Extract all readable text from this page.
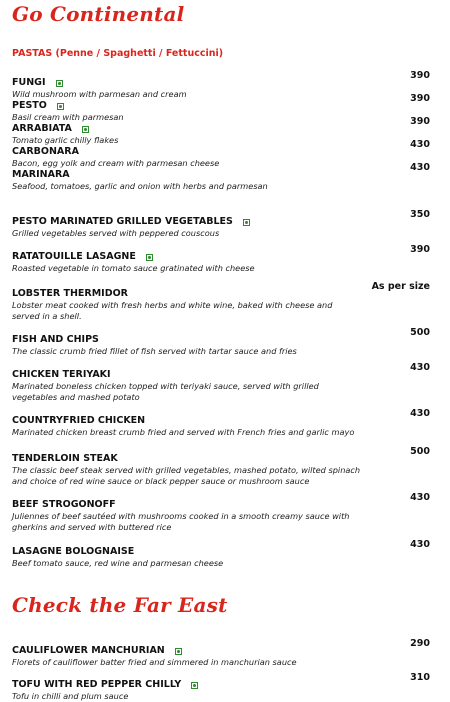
Go Continental
PASTAS (Penne / Spaghetti / Fettuccini)
FUNGI
390
Wild mushroom with parmesan and cream
PESTO
390
Basil cream with parmesan
ARRABIATA
390
Tomato garlic chilly flakes
CARBONARA
430
Bacon, egg yolk and cream with parmesan cheese
MARINARA
430
Seafood, tomatoes, garlic and onion with herbs and parmesan
PESTO MARINATED GRILLED VEGETABLES
350
Grilled vegetables served with peppered couscous
RATATOUILLE LASAGNE
390
Roasted vegetable in tomato sauce gratinated with cheese
LOBSTER THERMIDOR
As per size
Lobster meat cooked with fresh herbs and white wine, baked with cheese and served in a shell.
FISH AND CHIPS
500
The classic crumb fried fillet of fish served with tartar sauce and fries
CHICKEN TERIYAKI
430
Marinated boneless chicken topped with teriyaki sauce, served with grilled vegetables and mashed potato
COUNTRYFRIED CHICKEN
430
Marinated chicken breast crumb fried and served with French fries and garlic mayo
TENDERLOIN STEAK
500
The classic beef steak served with grilled vegetables, mashed potato, wilted spinach and choice of red wine sauce or black pepper sauce or mushroom sauce
BEEF STROGONOFF
430
Juliennes of beef sautéed with mushrooms cooked in a smooth creamy sauce with gherkins and served with buttered rice
LASAGNE BOLOGNAISE
430
Beef tomato sauce, red wine and parmesan cheese
Check the Far East
CAULIFLOWER MANCHURIAN
290
Florets of cauliflower batter fried and simmered in manchurian sauce
TOFU WITH RED PEPPER CHILLY
310
Tofu in chilli and plum sauce
